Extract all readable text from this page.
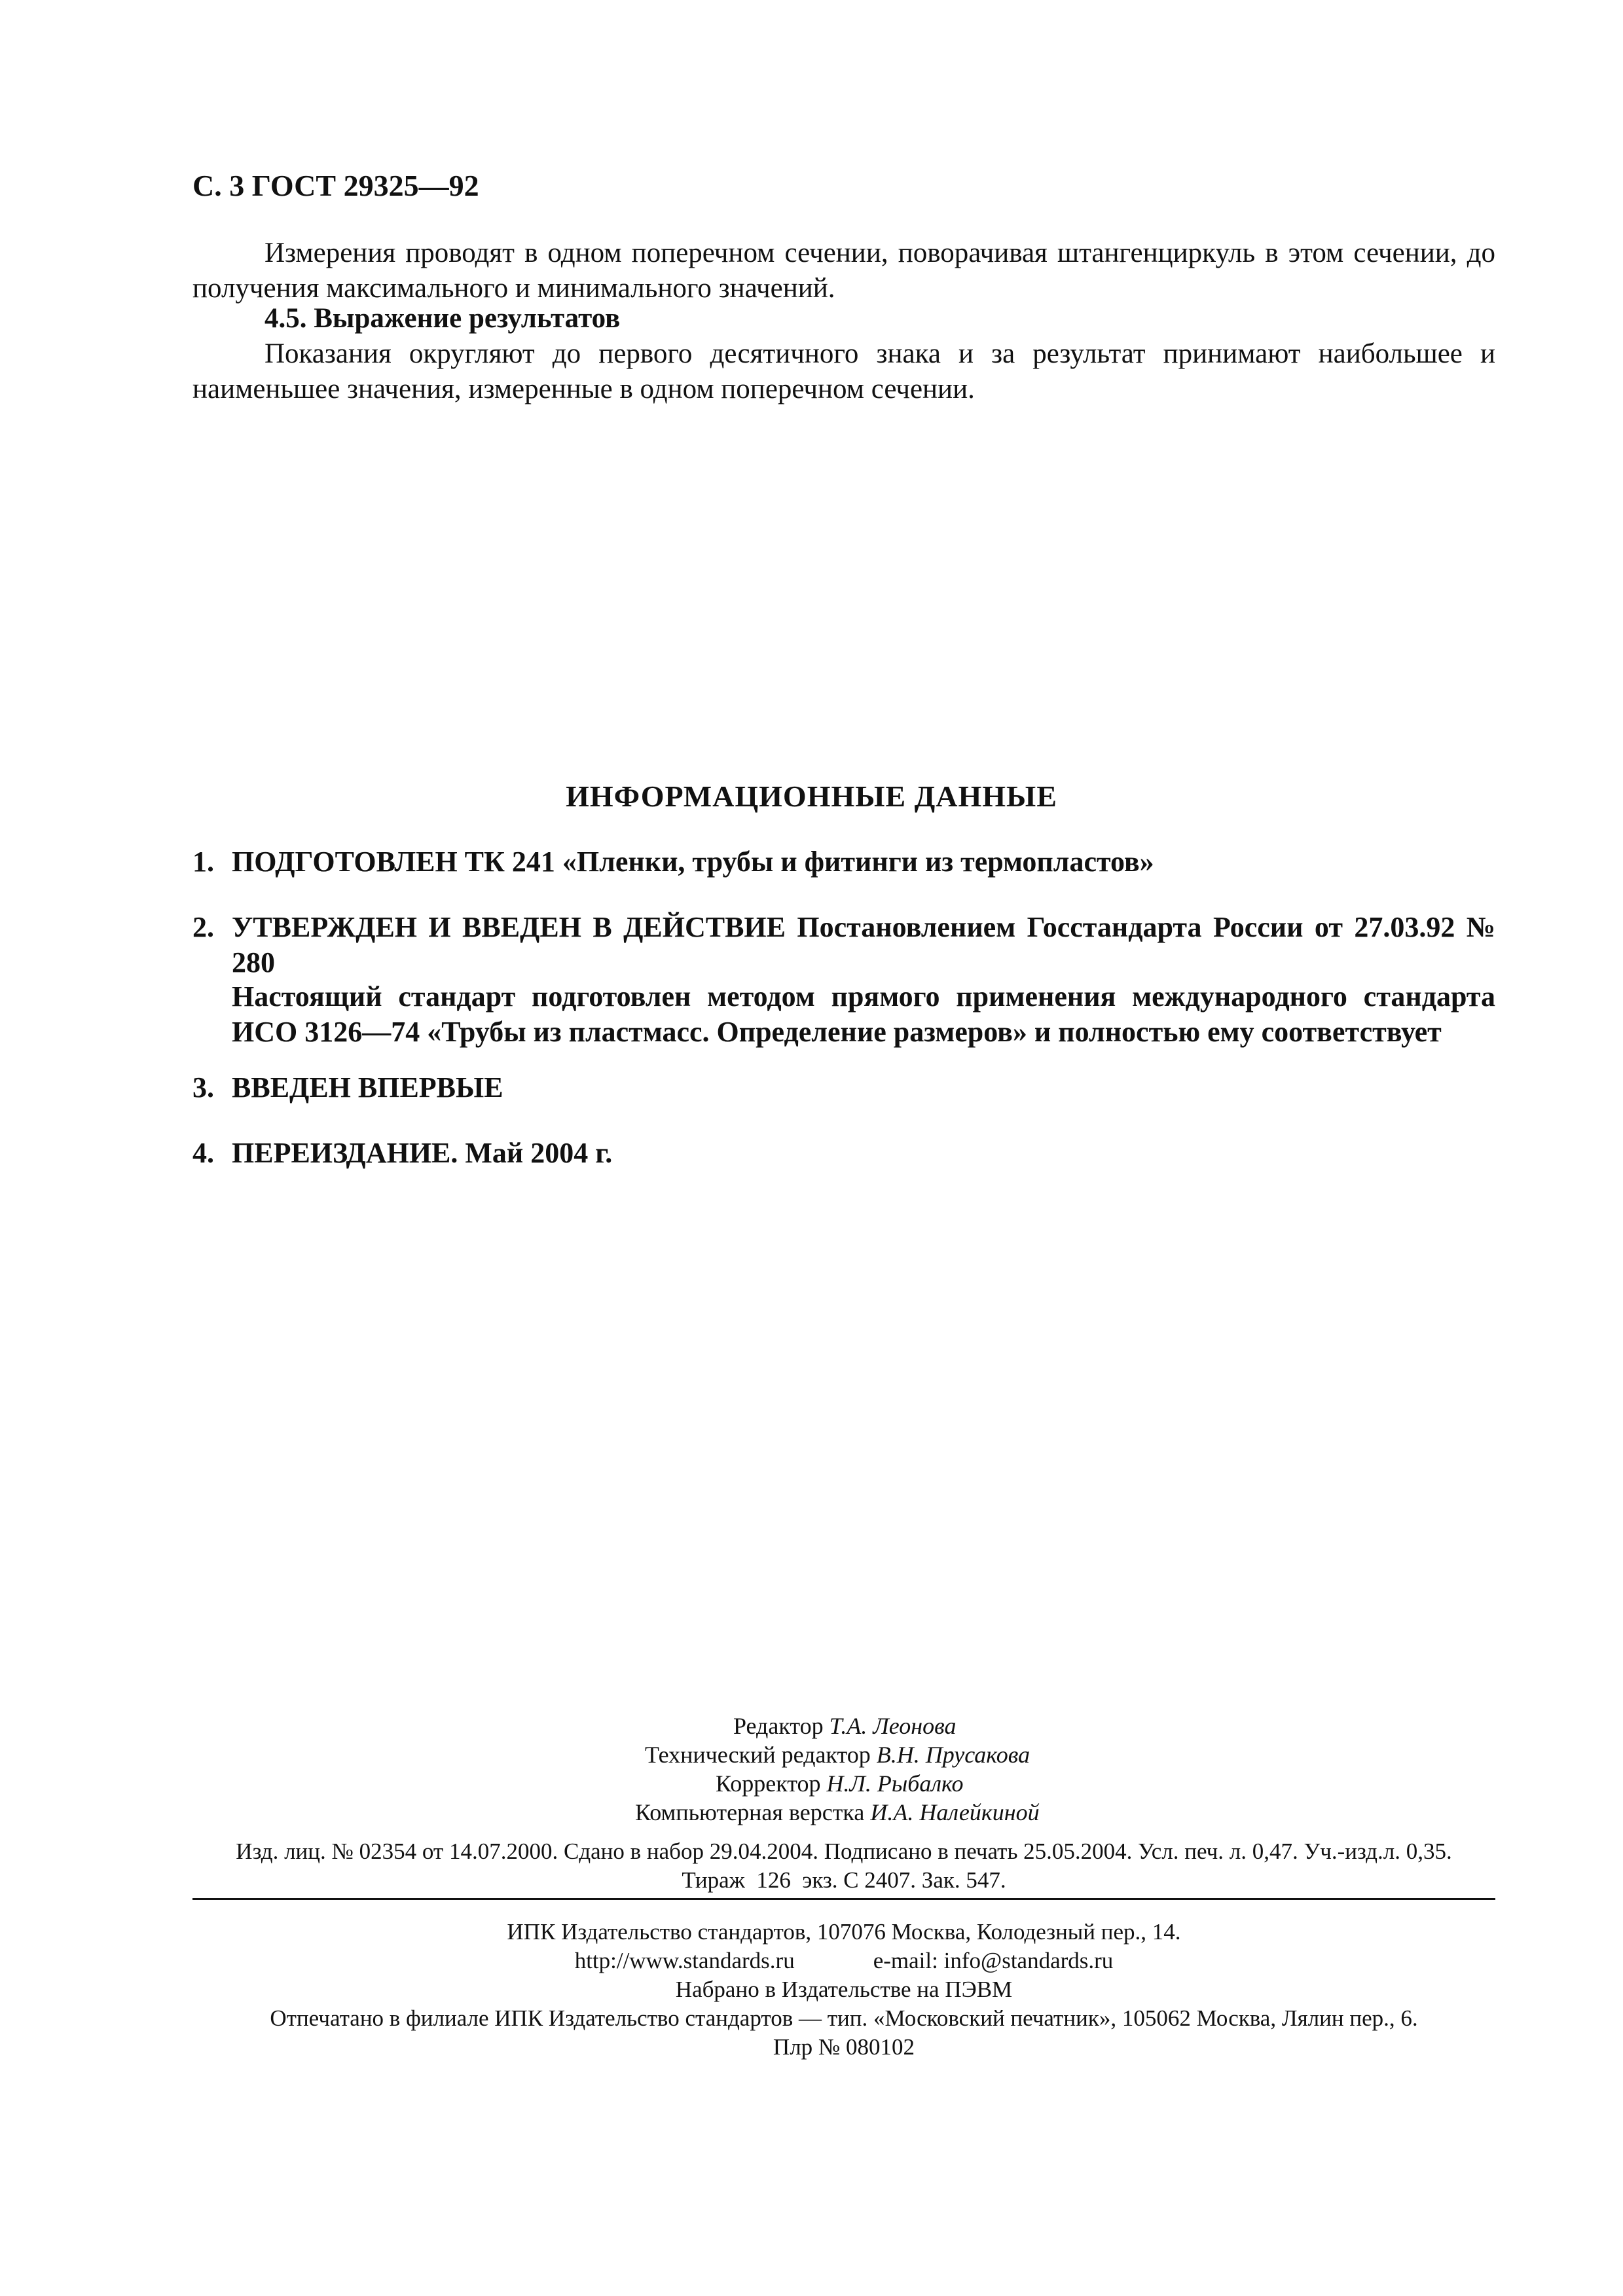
С. 3 ГОСТ 29325—92

Измерения проводят в одном поперечном сечении, поворачивая штангенциркуль в этом сечении, до получения максимального и минимального значений.

4.5. Выражение результатов

Показания округляют до первого десятичного знака и за результат принимают наибольшее и наименьшее значения, измеренные в одном поперечном сечении.

ИНФОРМАЦИОННЫЕ ДАННЫЕ
1. ПОДГОТОВЛЕН ТК 241 «Пленки, трубы и фитинги из термопластов»
2. УТВЕРЖДЕН И ВВЕДЕН В ДЕЙСТВИЕ Постановлением Госстандарта России от 27.03.92 № 280

Настоящий стандарт подготовлен методом прямого применения международного стандарта ИСО 3126—74 «Трубы из пластмасс. Определение размеров» и полностью ему соответствует

3. ВВЕДЕН ВПЕРВЫЕ
4. ПЕРЕИЗДАНИЕ. Май 2004 г.
Редактор Т.А. Леонова
Технический редактор В.Н. Прусакова
Корректор Н.Л. Рыбалко
Компьютерная верстка И.А. Налейкиной
Изд. лиц. № 02354 от 14.07.2000. Сдано в набор 29.04.2004. Подписано в печать 25.05.2004. Усл. печ. л. 0,47. Уч.-изд.л. 0,35.
Тираж  126  экз. С 2407. Зак. 547.
ИПК Издательство стандартов, 107076 Москва, Колодезный пер., 14.
http://www.standards.ru	e-mail: info@standards.ru
Набрано в Издательстве на ПЭВМ
Отпечатано в филиале ИПК Издательство стандартов — тип. «Московский печатник», 105062 Москва, Лялин пер., 6.
Плр № 080102
